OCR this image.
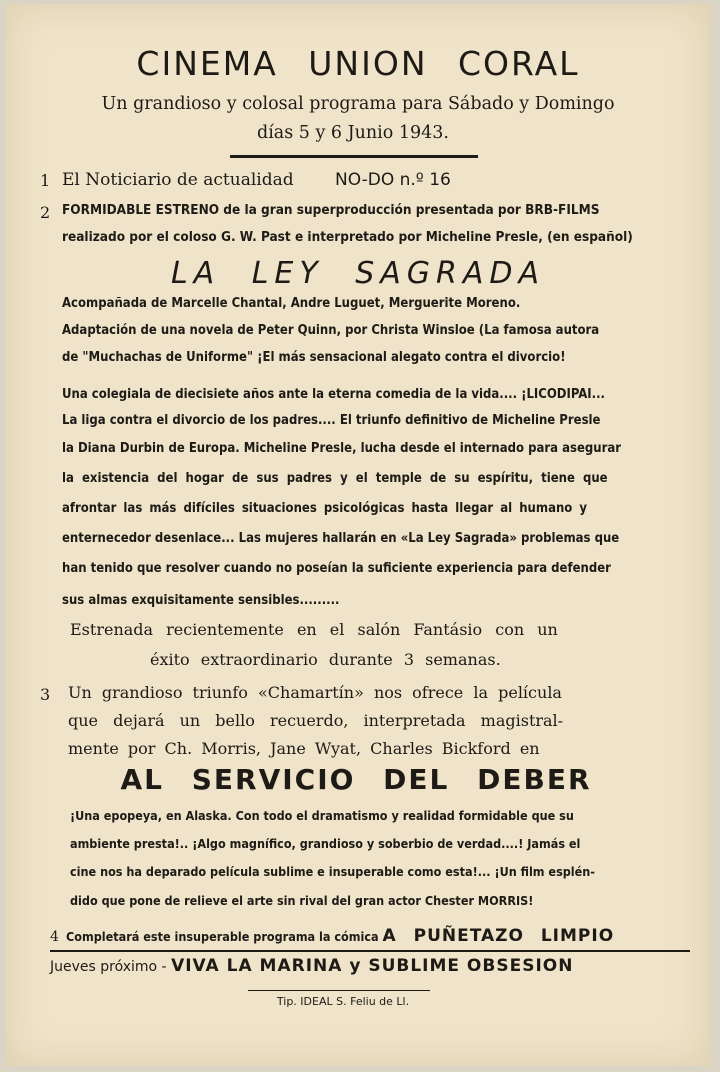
CINEMA UNION CORAL
Un grandioso y colosal programa para Sábado y Domingo
días 5 y 6 Junio 1943.
1 El Noticiario de actualidad NO-DO n.º 16
2 FORMIDABLE ESTRENO de la gran superproducción presentada por BRB-FILMS
realizado por el coloso G. W. Past e interpretado por Micheline Presle, (en español)
LA LEY SAGRADA
Acompañada de Marcelle Chantal, Andre Luguet, Merguerite Moreno.
Adaptación de una novela de Peter Quinn, por Christa Winsloe (La famosa autora
de "Muchachas de Uniforme" ¡El más sensacional alegato contra el divorcio!
Una colegiala de diecisiete años ante la eterna comedia de la vida.... ¡LICODIPAI...
La liga contra el divorcio de los padres.... El triunfo definitivo de Micheline Presle
la Diana Durbin de Europa. Micheline Presle, lucha desde el internado para asegurar
la existencia del hogar de sus padres y el temple de su espíritu, tiene que
afrontar las más difíciles situaciones psicológicas hasta llegar al humano y
enternecedor desenlace... Las mujeres hallarán en «La Ley Sagrada» problemas que
han tenido que resolver cuando no poseían la suficiente experiencia para defender
sus almas exquisitamente sensibles.........
Estrenada recientemente en el salón Fantásio con un
éxito extraordinario durante 3 semanas.
3 Un grandioso triunfo «Chamartín» nos ofrece la película
que dejará un bello recuerdo, interpretada magistral-
mente por Ch. Morris, Jane Wyat, Charles Bickford en
AL SERVICIO DEL DEBER
¡Una epopeya, en Alaska. Con todo el dramatismo y realidad formidable que su
ambiente presta!.. ¡Algo magnífico, grandioso y soberbio de verdad....! Jamás el
cine nos ha deparado película sublime e insuperable como esta!... ¡Un film esplén-
dido que pone de relieve el arte sin rival del gran actor Chester MORRIS!
4 Completará este insuperable programa la cómica A PUÑETAZO LIMPIO
Jueves próximo - VIVA LA MARINA y SUBLIME OBSESION
Tip. IDEAL S. Feliu de Ll.
